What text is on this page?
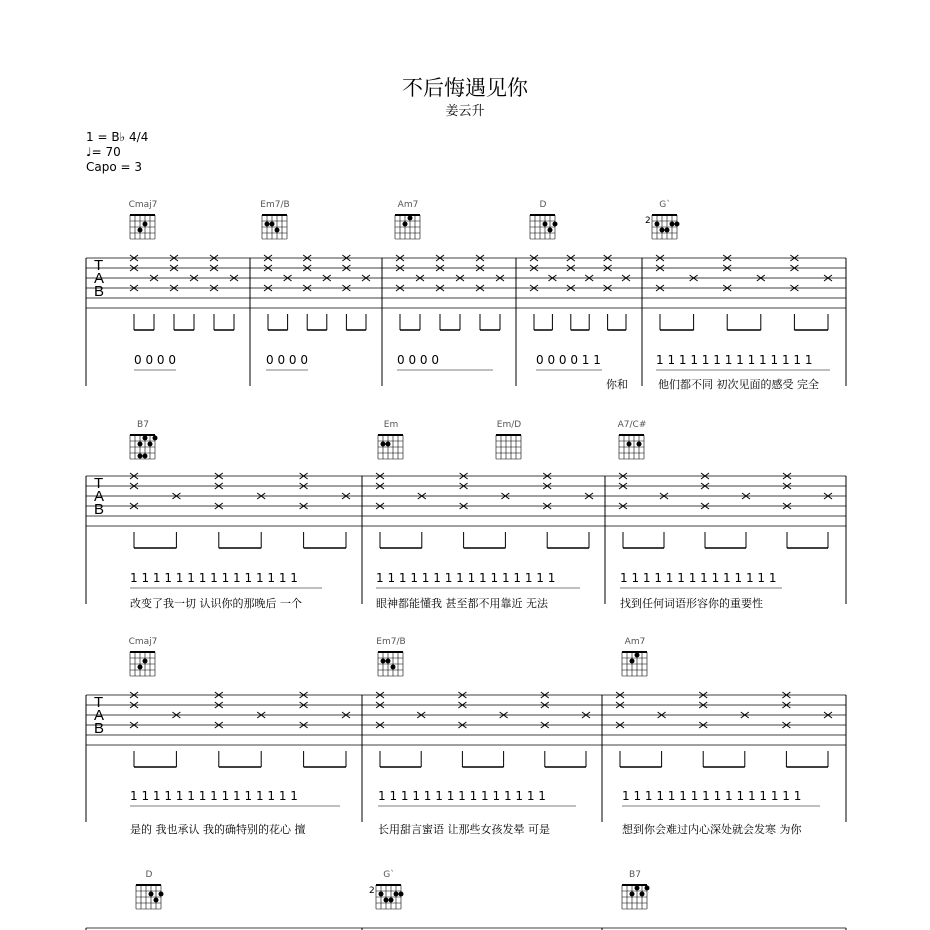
不后悔遇见你
姜云升
1 = B♭ 4/4
♩= 70
Capo = 3
Cmaj7	Em7/B	Am7	D	G`
2
T
A
B
0 0 0 0	0 0 0 0	0 0 0 0	0 0 0 0 1 1	1 1 1 1 1 1 1 1 1 1 1 1 1 1
你和	他们都不同 初次见面的感受 完全
B7	Em	Em/D	A7/C#
T
A
B
1 1 1 1 1 1 1 1 1 1 1 1 1 1 1	1 1 1 1 1 1 1 1 1 1 1 1 1 1 1 1	1 1 1 1 1 1 1 1 1 1 1 1 1 1
改变了我一切 认识你的那晚后 一个	眼神都能懂我 甚至都不用靠近 无法	找到任何词语形容你的重要性
Cmaj7	Em7/B	Am7
T
A
B
1 1 1 1 1 1 1 1 1 1 1 1 1 1 1	1 1 1 1 1 1 1 1 1 1 1 1 1 1 1	1 1 1 1 1 1 1 1 1 1 1 1 1 1 1 1
是的 我也承认 我的确特别的花心 擅	长用甜言蜜语 让那些女孩发晕 可是	想到你会难过内心深处就会发寒 为你
D	G`
2
B7
